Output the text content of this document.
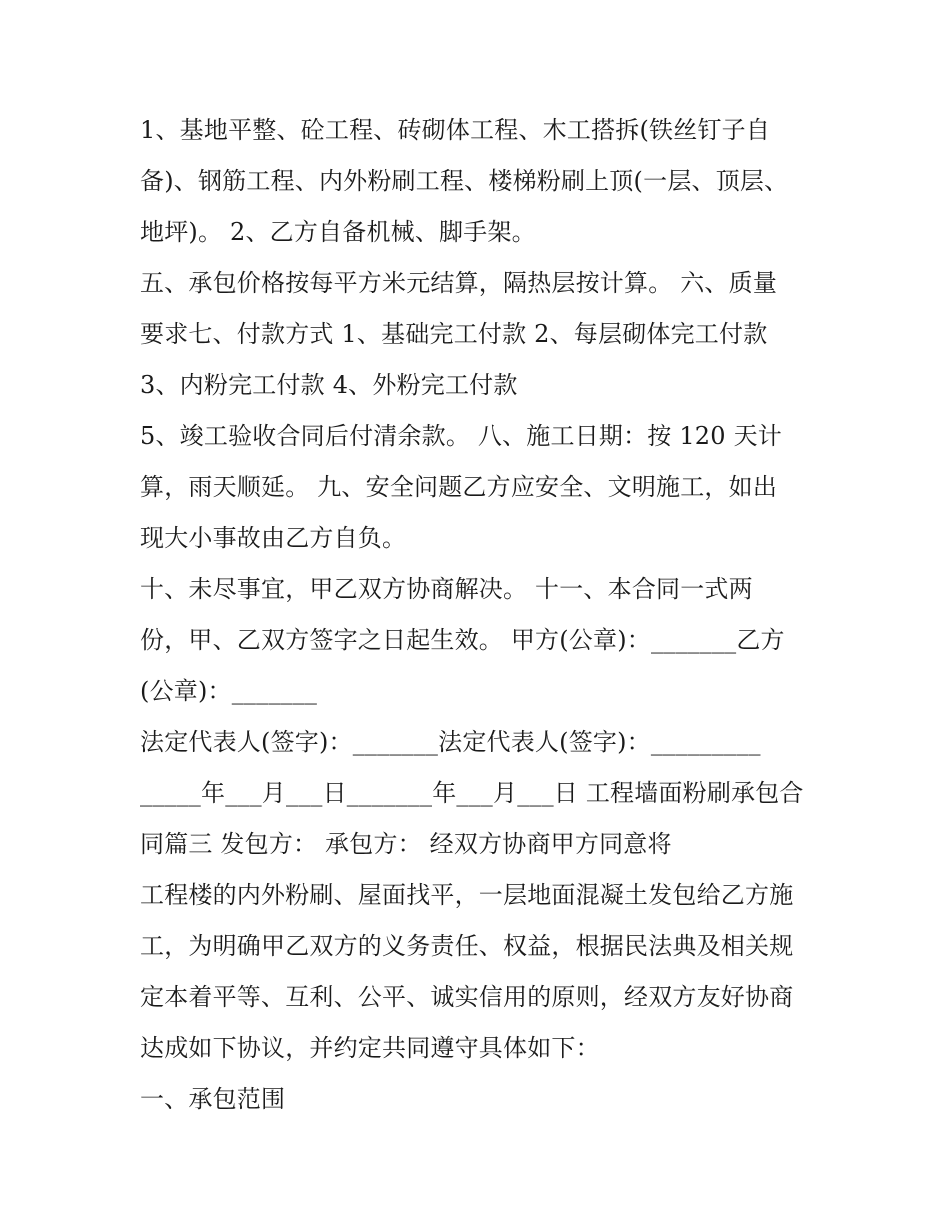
1、基地平整、砼工程、砖砌体工程、木工搭拆(铁丝钉子自
备)、钢筋工程、内外粉刷工程、楼梯粉刷上顶(一层、顶层、
地坪)。 2、乙方自备机械、脚手架。
五、承包价格按每平方米元结算，隔热层按计算。 六、质量
要求七、付款方式 1、基础完工付款 2、每层砌体完工付款
3、内粉完工付款 4、外粉完工付款
5、竣工验收合同后付清余款。 八、施工日期：按 120 天计
算，雨天顺延。 九、安全问题乙方应安全、文明施工，如出
现大小事故由乙方自负。
十、未尽事宜，甲乙双方协商解决。 十一、本合同一式两
份，甲、乙双方签字之日起生效。 甲方(公章)：_______乙方
(公章)：_______
法定代表人(签字)：_______法定代表人(签字)：_________
_____年___月___日_______年___月___日 工程墙面粉刷承包合
同篇三 发包方： 承包方： 经双方协商甲方同意将
工程楼的内外粉刷、屋面找平，一层地面混凝土发包给乙方施
工，为明确甲乙双方的义务责任、权益，根据民法典及相关规
定本着平等、互利、公平、诚实信用的原则，经双方友好协商
达成如下协议，并约定共同遵守具体如下：
一、承包范围
